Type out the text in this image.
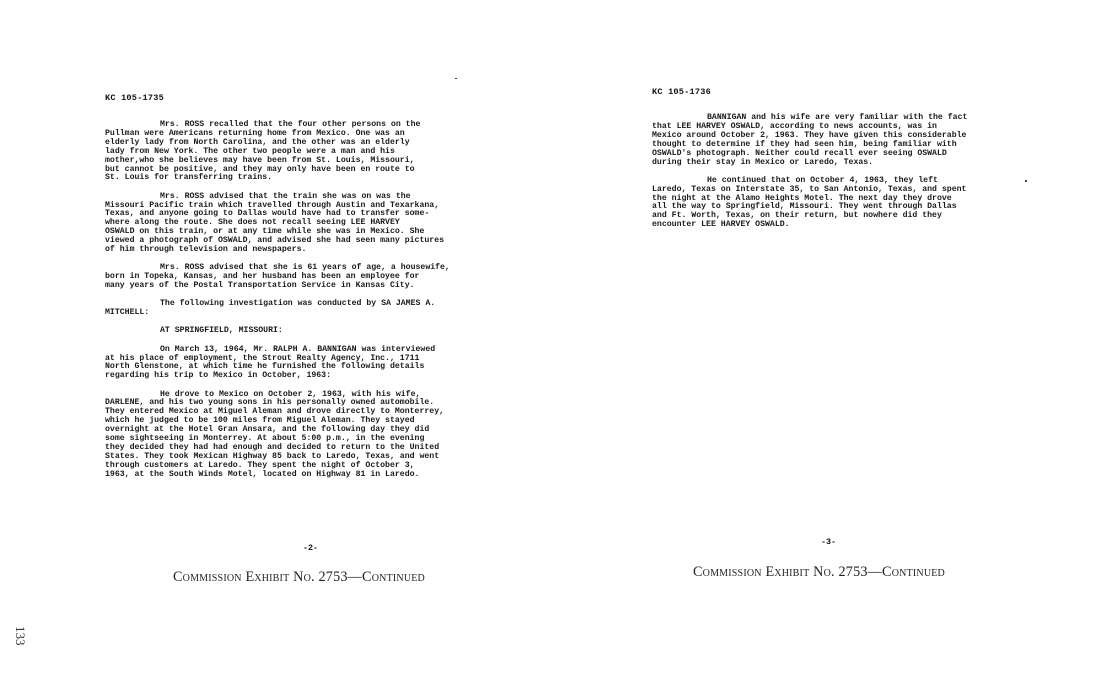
KC 105-1735

Mrs. ROSS recalled that the four other persons on the
Pullman were Americans returning home from Mexico. One was an
elderly lady from North Carolina, and the other was an elderly
lady from New York. The other two people were a man and his
mother,who she believes may have been from St. Louis, Missouri,
but cannot be positive, and they may only have been en route to
St. Louis for transferring trains.

Mrs. ROSS advised that the train she was on was the
Missouri Pacific train which travelled through Austin and Texarkana,
Texas, and anyone going to Dallas would have had to transfer some-
where along the route. She does not recall seeing LEE HARVEY
OSWALD on this train, or at any time while she was in Mexico. She
viewed a photograph of OSWALD, and advised she had seen many pictures
of him through television and newspapers.

Mrs. ROSS advised that she is 61 years of age, a housewife,
born in Topeka, Kansas, and her husband has been an employee for
many years of the Postal Transportation Service in Kansas City.

The following investigation was conducted by SA JAMES A.

MITCHELL:

AT SPRINGFIELD, MISSOURI:

On March 13, 1964, Mr. RALPH A. BANNIGAN was interviewed
at his place of employment, the Strout Realty Agency, Inc., 1711
North Glenstone, at which time he furnished the following details
regarding his trip to Mexico in October, 1963:

He drove to Mexico on October 2, 1963, with his wife,
DARLENE, and his two young sons in his personally owned automobile.
They entered Mexico at Miguel Aleman and drove directly to Monterrey,
which he judged to be 100 miles from Miguel Aleman. They stayed
overnight at the Hotel Gran Ansara, and the following day they did
some sightseeing in Monterrey. At about 5:00 p.m., in the evening
they decided they had had enough and decided to return to the United
States. They took Mexican Highway 85 back to Laredo, Texas, and went
through customers at Laredo. They spent the night of October 3,
1963, at the South Winds Motel, located on Highway 81 in Laredo.

-2-
Commission Exhibit No. 2753—Continued
KC 105-1736

BANNIGAN and his wife are very familiar with the fact
that LEE HARVEY OSWALD, according to news accounts, was in
Mexico around October 2, 1963. They have given this considerable
thought to determine if they had seen him, being familiar with
OSWALD's photograph. Neither could recall ever seeing OSWALD
during their stay in Mexico or Laredo, Texas.

He continued that on October 4, 1963, they left
Laredo, Texas on Interstate 35, to San Antonio, Texas, and spent
the night at the Alamo Heights Motel. The next day they drove
all the way to Springfield, Missouri. They went through Dallas
and Ft. Worth, Texas, on their return, but nowhere did they
encounter LEE HARVEY OSWALD.

-3-
Commission Exhibit No. 2753—Continued
133
